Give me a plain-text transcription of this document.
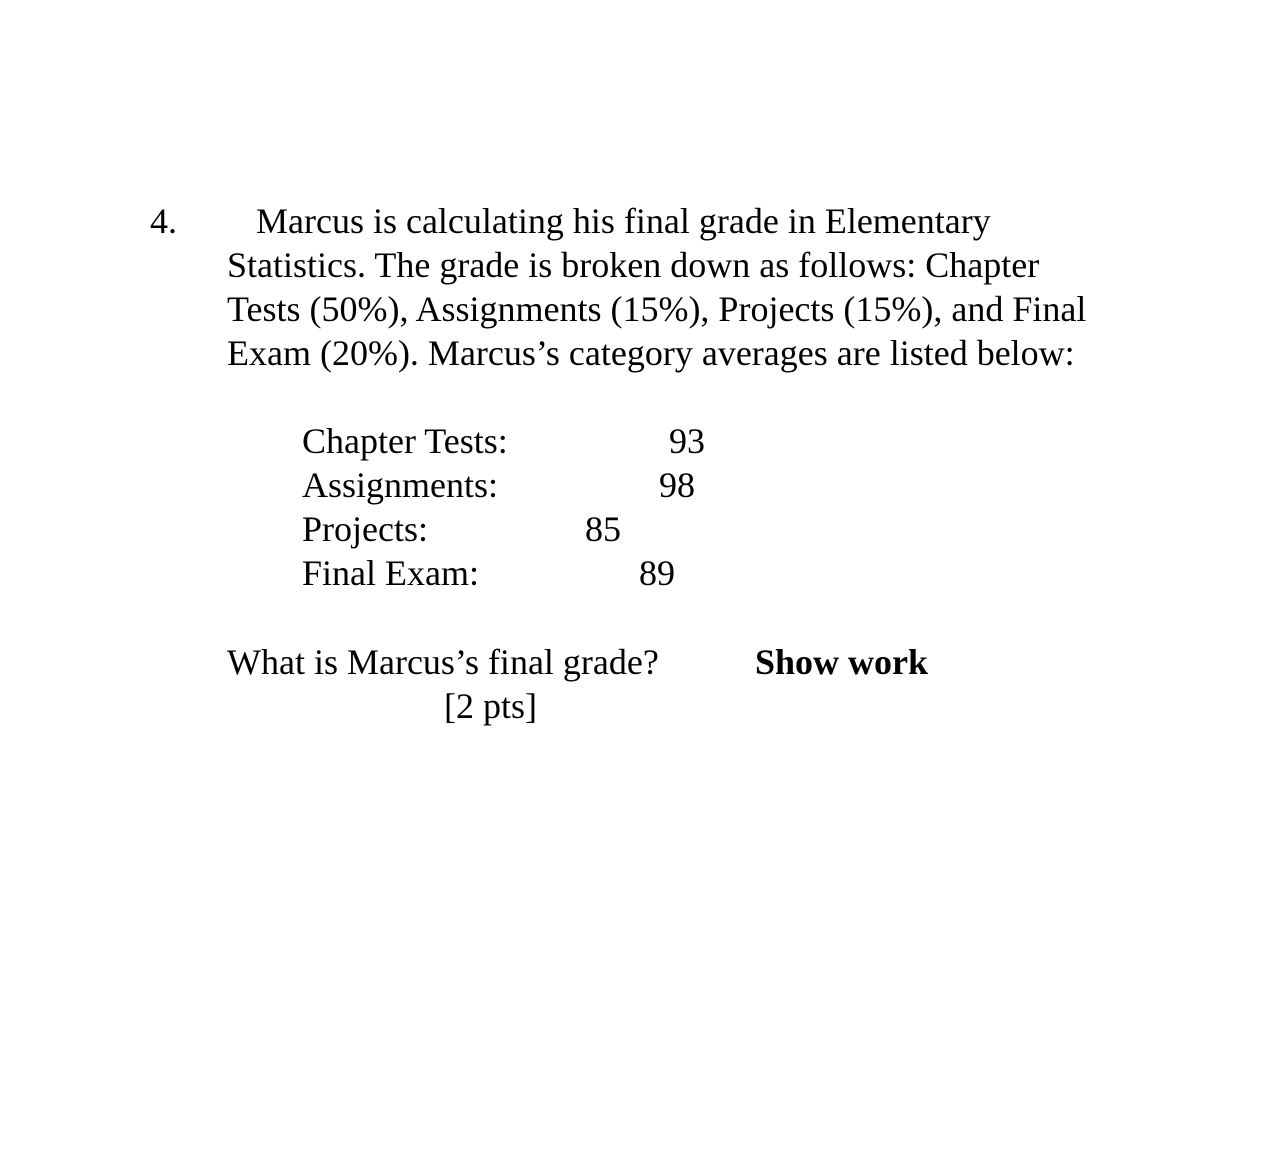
4. Marcus is calculating his final grade in Elementary
Statistics. The grade is broken down as follows: Chapter
Tests (50%), Assignments (15%), Projects (15%), and Final
Exam (20%). Marcus’s category averages are listed below:
Chapter Tests:	93
Assignments:	98
Projects:	85
Final Exam:	89
What is Marcus’s final grade?	Show work
[2 pts]
